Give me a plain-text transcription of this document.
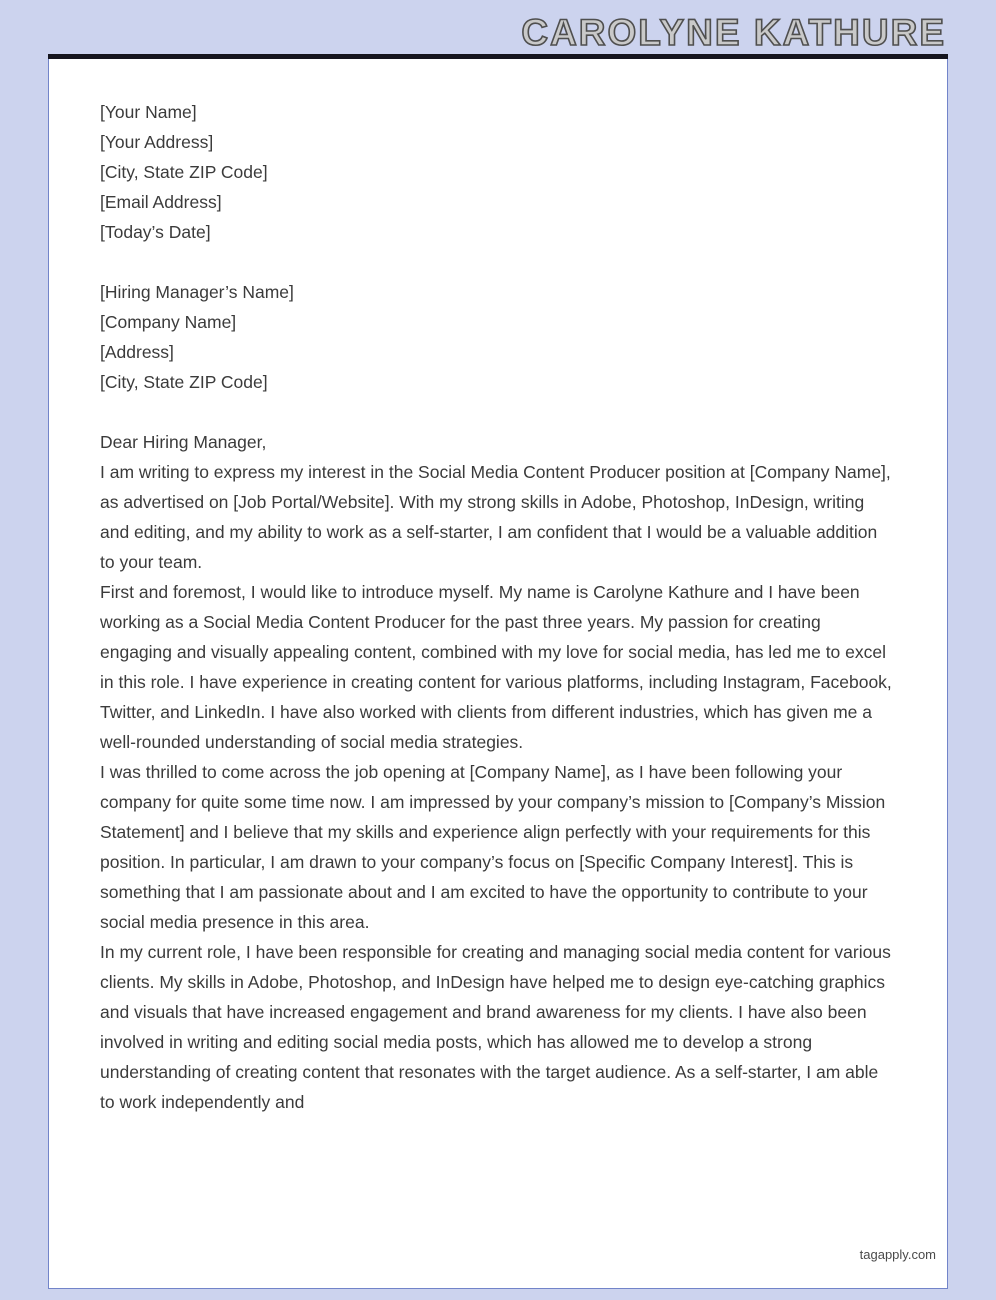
CAROLYNE KATHURE

[Your Name]

[Your Address]

[City, State ZIP Code]

[Email Address]

[Today’s Date]

[Hiring Manager’s Name]

[Company Name]

[Address]

[City, State ZIP Code]

Dear Hiring Manager,

I am writing to express my interest in the Social Media Content Producer position at [Company Name], as advertised on [Job Portal/Website]. With my strong skills in Adobe, Photoshop, InDesign, writing and editing, and my ability to work as a self-starter, I am confident that I would be a valuable addition to your team.

First and foremost, I would like to introduce myself. My name is Carolyne Kathure and I have been working as a Social Media Content Producer for the past three years. My passion for creating engaging and visually appealing content, combined with my love for social media, has led me to excel in this role. I have experience in creating content for various platforms, including Instagram, Facebook, Twitter, and LinkedIn. I have also worked with clients from different industries, which has given me a well-rounded understanding of social media strategies.

I was thrilled to come across the job opening at [Company Name], as I have been following your company for quite some time now. I am impressed by your company’s mission to [Company’s Mission Statement] and I believe that my skills and experience align perfectly with your requirements for this position. In particular, I am drawn to your company’s focus on [Specific Company Interest]. This is something that I am passionate about and I am excited to have the opportunity to contribute to your social media presence in this area.

In my current role, I have been responsible for creating and managing social media content for various clients. My skills in Adobe, Photoshop, and InDesign have helped me to design eye-catching graphics and visuals that have increased engagement and brand awareness for my clients. I have also been involved in writing and editing social media posts, which has allowed me to develop a strong understanding of creating content that resonates with the target audience. As a self-starter, I am able to work independently and

tagapply.com
